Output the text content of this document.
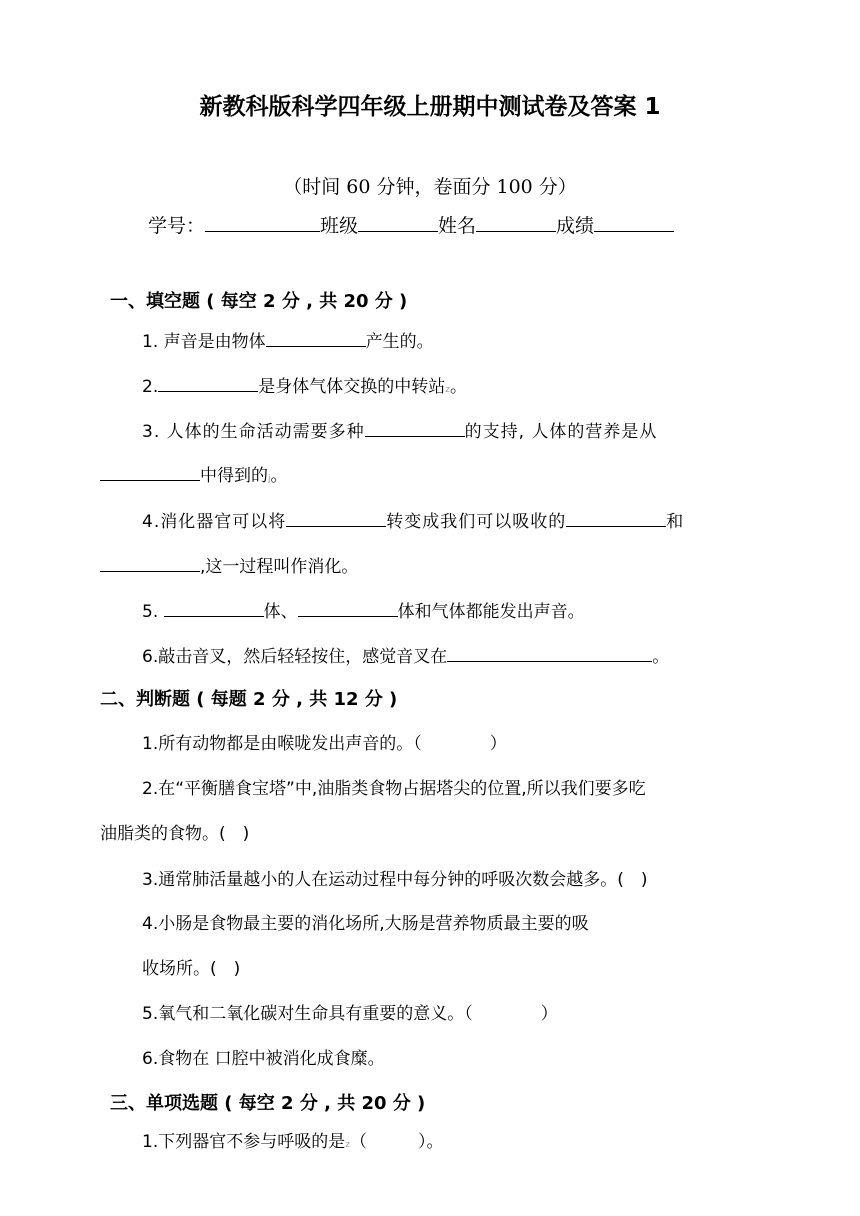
新教科版科学四年级上册期中测试卷及答案 1
（时间 60 分钟，卷面分 100 分）
学号：	班级	姓名	成绩
一、填空题 ( 每空 2 分 , 共 20 分 )
1. 声音是由物体	产生的。
2.	是身体气体交换的中转站z。
3. 人体的生命活动需要多种	的支持, 人体的营养是从
中得到的j。
4.消化器官可以将	转变成我们可以吸收的	和
,这一过程叫作消化。
5.	体、	体和气体都能发出声音。
6.敲击音叉，然后轻轻按住，感觉音叉在	。
二、判断题 ( 每题 2 分 , 共 12 分 )
1.所有动物都是由喉咙发出声音的。（　　　　）
2.在“平衡膳食宝塔”中,油脂类食物占据塔尖的位置,所以我们要多吃
油脂类的食物。(　)
3.通常肺活量越小的人在运动过程中每分钟的呼吸次数会越多。(　)
4.小肠是食物最主要的消化场所,大肠是营养物质最主要的吸
收场所。(　)
5.氧气和二氧化碳对生命具有重要的意义。（　　　　）
6.食物在 口腔中被消化成食糜。
三、单项选题 ( 每空 2 分 , 共 20 分 )
1.下列器官不参与呼吸的是z（　　　）。
